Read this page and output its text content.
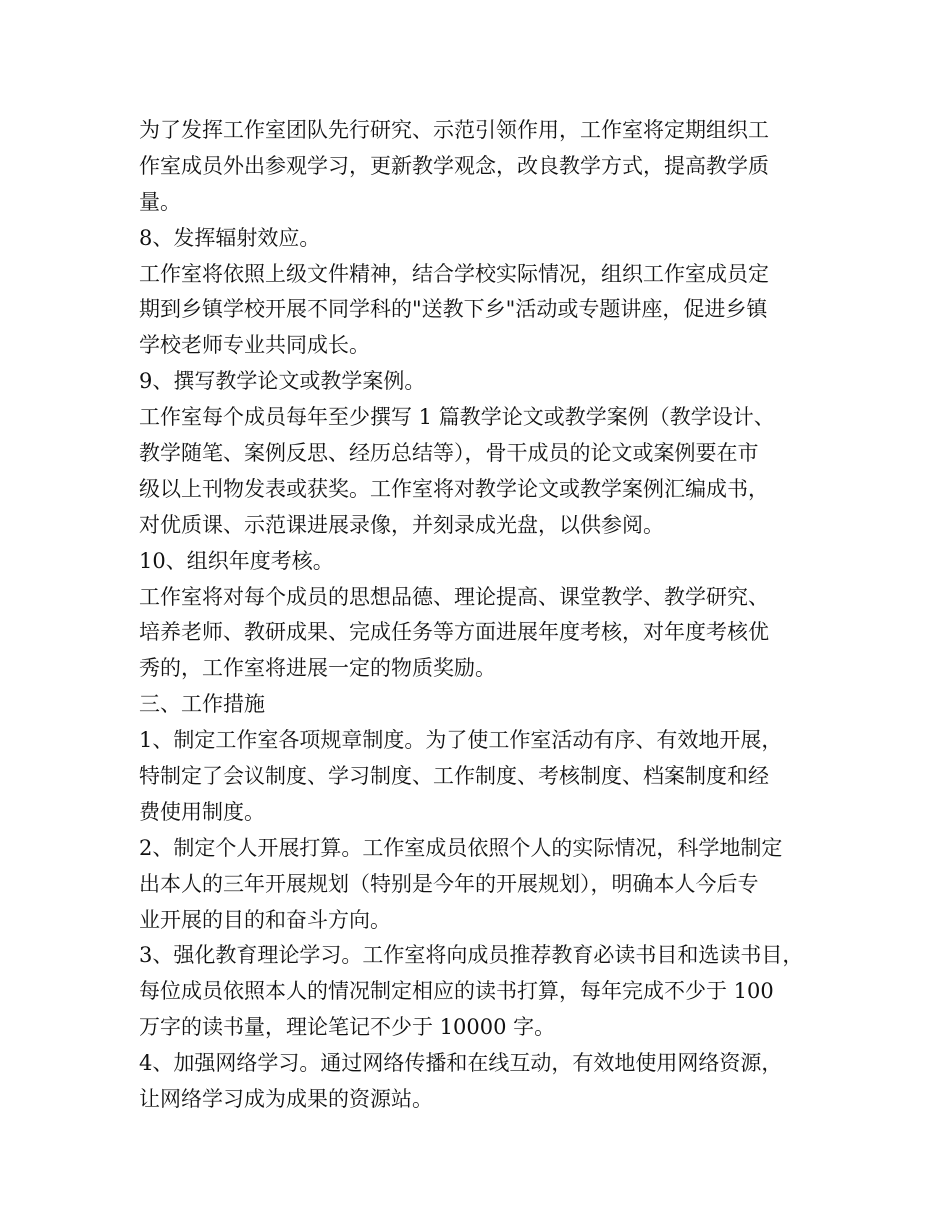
为了发挥工作室团队先行研究、示范引领作用，工作室将定期组织工
作室成员外出参观学习，更新教学观念，改良教学方式，提高教学质
量。
8、发挥辐射效应。
工作室将依照上级文件精神，结合学校实际情况，组织工作室成员定
期到乡镇学校开展不同学科的"送教下乡"活动或专题讲座，促进乡镇
学校老师专业共同成长。
9、撰写教学论文或教学案例。
工作室每个成员每年至少撰写 1 篇教学论文或教学案例（教学设计、
教学随笔、案例反思、经历总结等），骨干成员的论文或案例要在市
级以上刊物发表或获奖。工作室将对教学论文或教学案例汇编成书，
对优质课、示范课进展录像，并刻录成光盘，以供参阅。
10、组织年度考核。
工作室将对每个成员的思想品德、理论提高、课堂教学、教学研究、
培养老师、教研成果、完成任务等方面进展年度考核，对年度考核优
秀的，工作室将进展一定的物质奖励。
三、工作措施
1、制定工作室各项规章制度。为了使工作室活动有序、有效地开展，
特制定了会议制度、学习制度、工作制度、考核制度、档案制度和经
费使用制度。
2、制定个人开展打算。工作室成员依照个人的实际情况，科学地制定
出本人的三年开展规划（特别是今年的开展规划），明确本人今后专
业开展的目的和奋斗方向。
3、强化教育理论学习。工作室将向成员推荐教育必读书目和选读书目，
每位成员依照本人的情况制定相应的读书打算，每年完成不少于 100
万字的读书量，理论笔记不少于 10000 字。
4、加强网络学习。通过网络传播和在线互动，有效地使用网络资源，
让网络学习成为成果的资源站。
